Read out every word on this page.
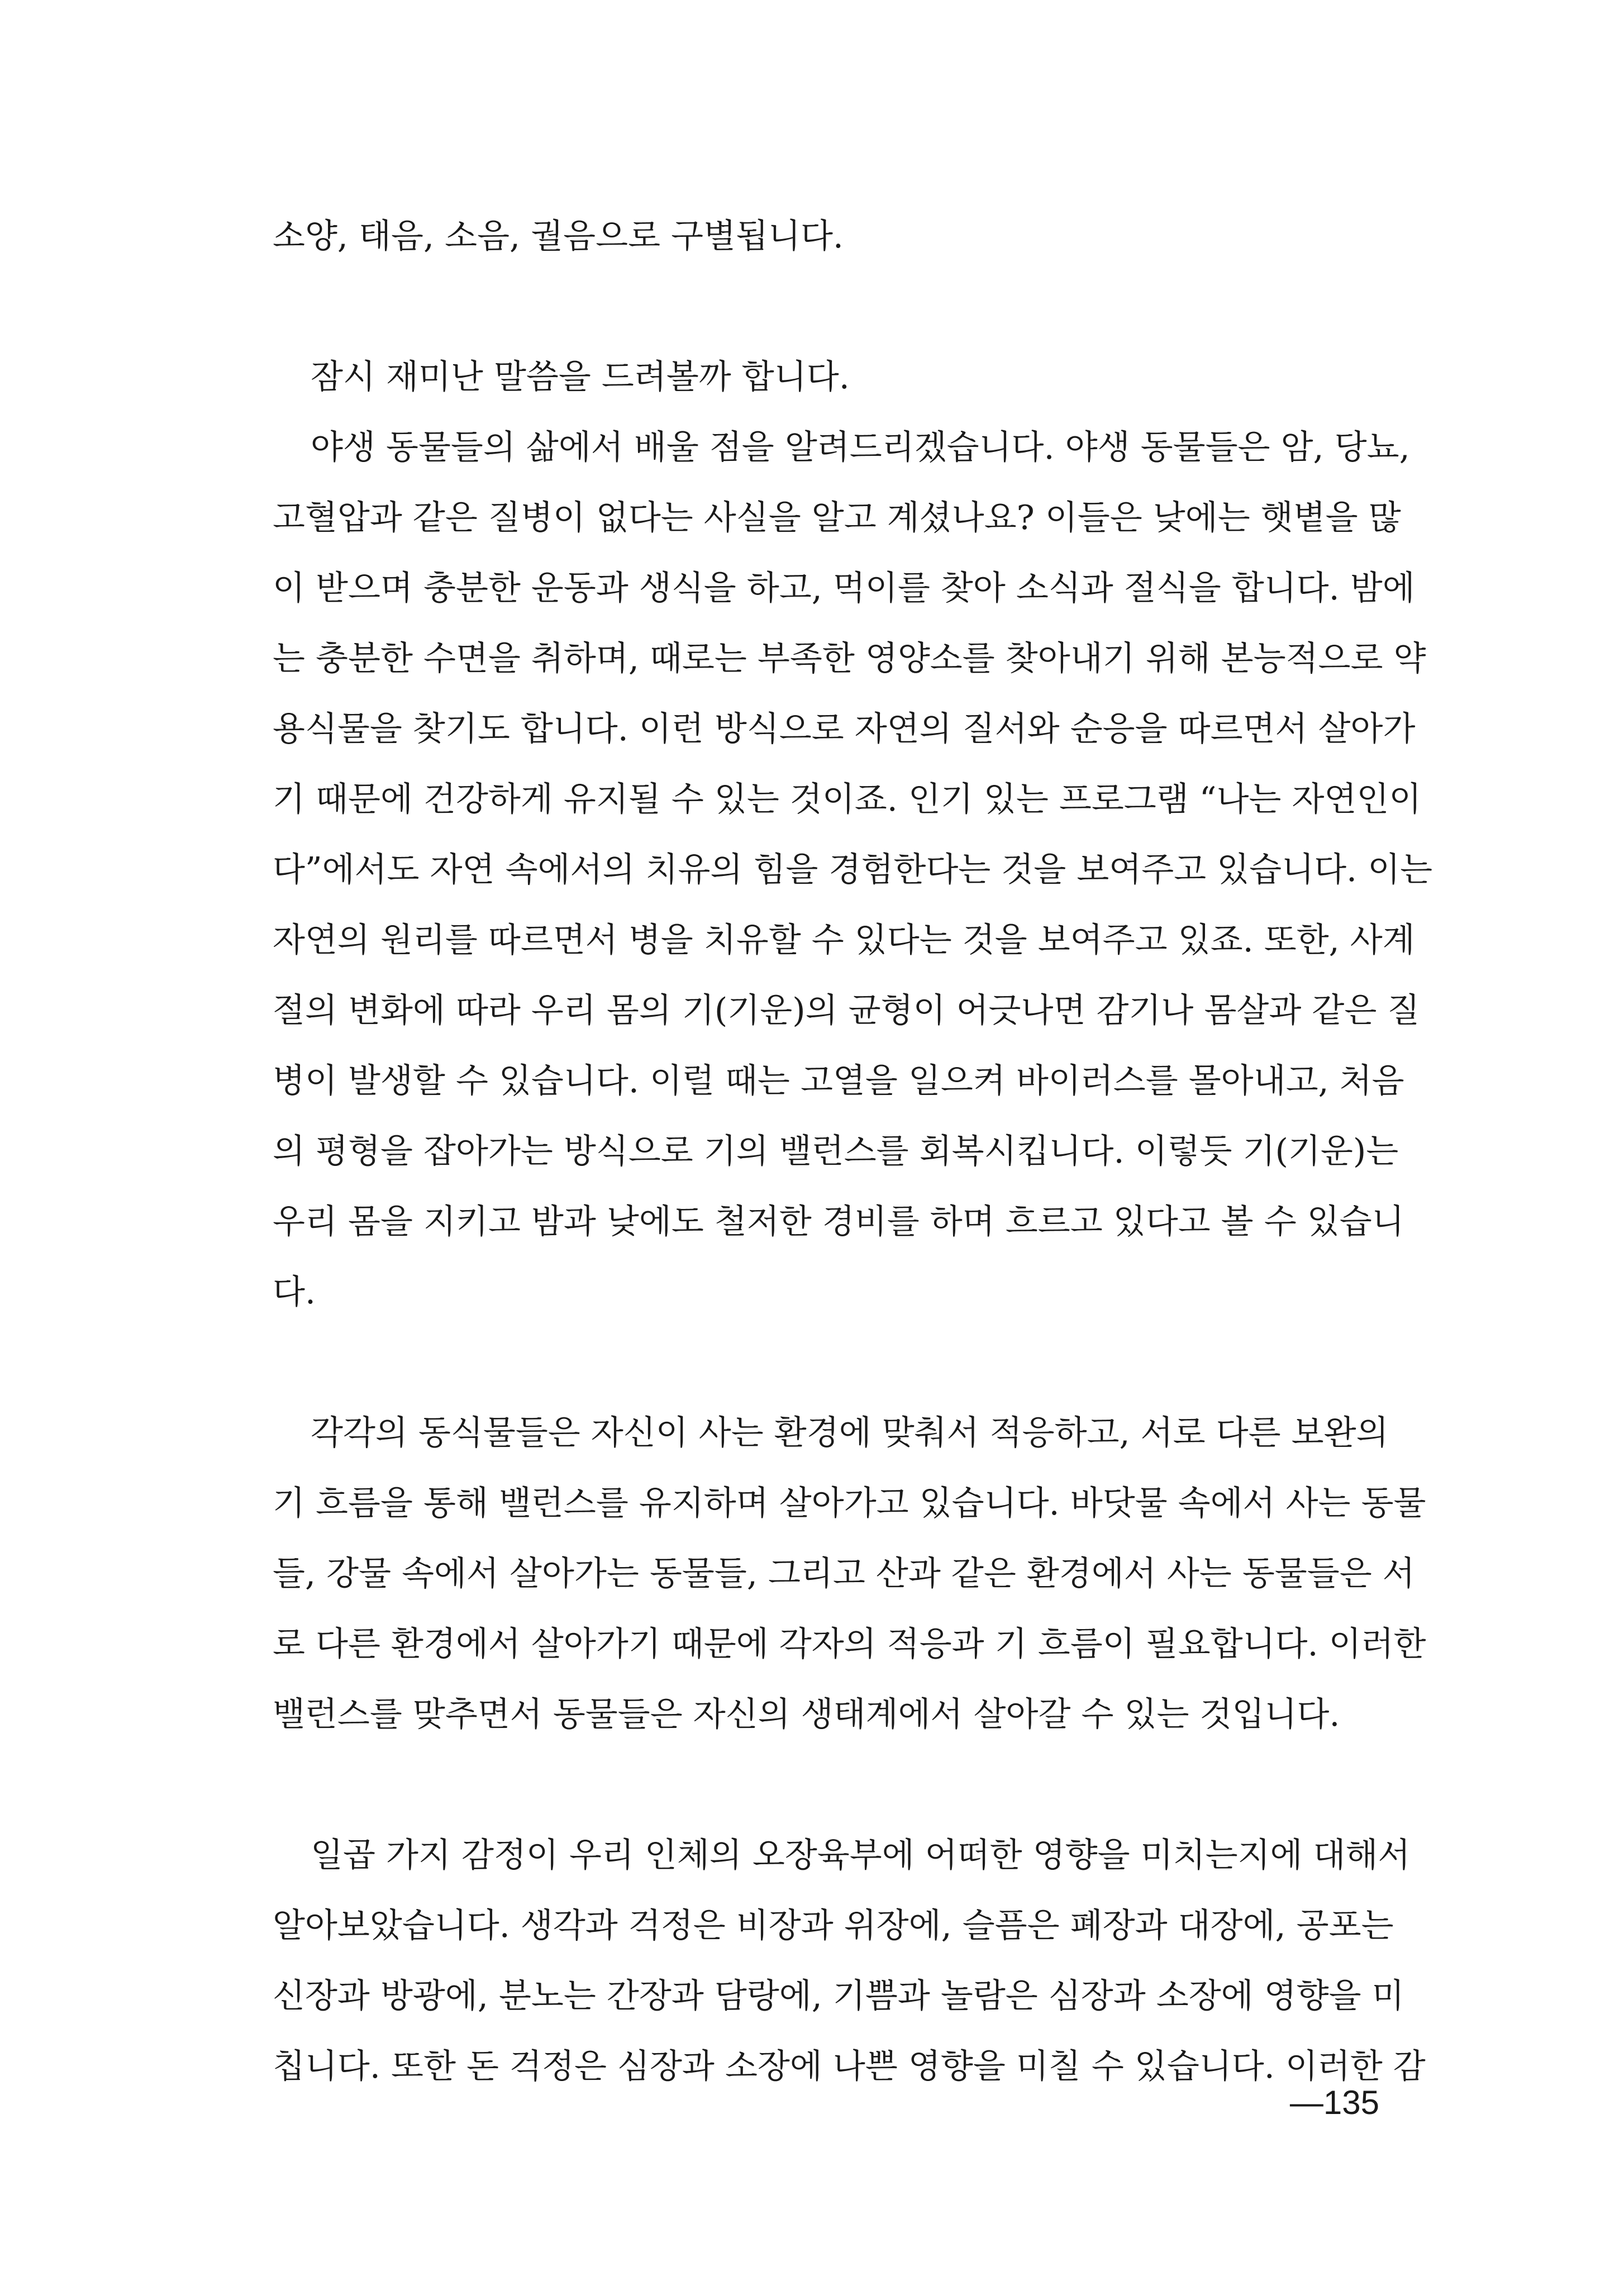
소양, 태음, 소음, 궐음으로 구별됩니다.

잠시 재미난 말씀을 드려볼까 합니다.

야생 동물들의 삶에서 배울 점을 알려드리겠습니다. 야생 동물들은 암, 당뇨,
고혈압과 같은 질병이 없다는 사실을 알고 계셨나요? 이들은 낮에는 햇볕을 많
이 받으며 충분한 운동과 생식을 하고, 먹이를 찾아 소식과 절식을 합니다. 밤에
는 충분한 수면을 취하며, 때로는 부족한 영양소를 찾아내기 위해 본능적으로 약
용식물을 찾기도 합니다. 이런 방식으로 자연의 질서와 순응을 따르면서 살아가
기 때문에 건강하게 유지될 수 있는 것이죠. 인기 있는 프로그램 “나는 자연인이
다”에서도 자연 속에서의 치유의 힘을 경험한다는 것을 보여주고 있습니다. 이는
자연의 원리를 따르면서 병을 치유할 수 있다는 것을 보여주고 있죠. 또한, 사계
절의 변화에 따라 우리 몸의 기(기운)의 균형이 어긋나면 감기나 몸살과 같은 질
병이 발생할 수 있습니다. 이럴 때는 고열을 일으켜 바이러스를 몰아내고, 처음
의 평형을 잡아가는 방식으로 기의 밸런스를 회복시킵니다. 이렇듯 기(기운)는
우리 몸을 지키고 밤과 낮에도 철저한 경비를 하며 흐르고 있다고 볼 수 있습니
다.

각각의 동식물들은 자신이 사는 환경에 맞춰서 적응하고, 서로 다른 보완의
기 흐름을 통해 밸런스를 유지하며 살아가고 있습니다. 바닷물 속에서 사는 동물
들, 강물 속에서 살아가는 동물들, 그리고 산과 같은 환경에서 사는 동물들은 서
로 다른 환경에서 살아가기 때문에 각자의 적응과 기 흐름이 필요합니다. 이러한
밸런스를 맞추면서 동물들은 자신의 생태계에서 살아갈 수 있는 것입니다.

일곱 가지 감정이 우리 인체의 오장육부에 어떠한 영향을 미치는지에 대해서
알아보았습니다. 생각과 걱정은 비장과 위장에, 슬픔은 폐장과 대장에, 공포는
신장과 방광에, 분노는 간장과 담랑에, 기쁨과 놀람은 심장과 소장에 영향을 미
칩니다. 또한 돈 걱정은 심장과 소장에 나쁜 영향을 미칠 수 있습니다. 이러한 감

—135
